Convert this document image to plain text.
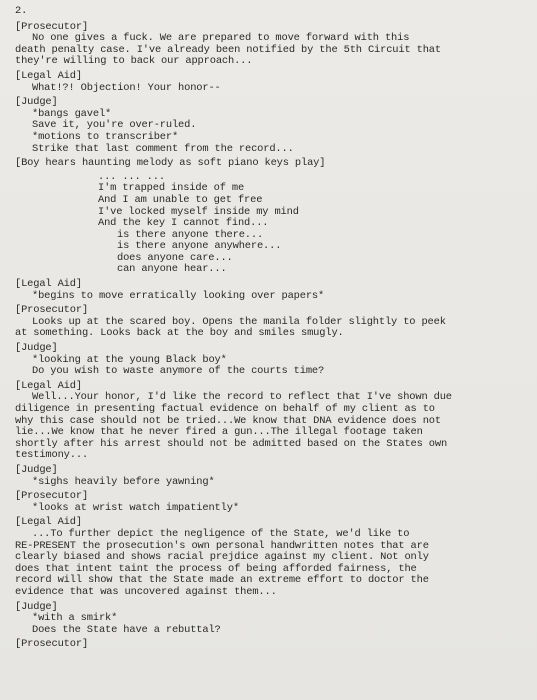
2.
[Prosecutor]
No one gives a fuck. We are prepared to move forward with this
death penalty case. I've already been notified by the 5th Circuit that
they're willing to back our approach...
[Legal Aid]
What!?! Objection! Your honor--
[Judge]
*bangs gavel*
Save it, you're over-ruled.
*motions to transcriber*
Strike that last comment from the record...
[Boy hears haunting melody as soft piano keys play]
... ... ...
I'm trapped inside of me
And I am unable to get free
I've locked myself inside my mind
And the key I cannot find...
is there anyone there...
is there anyone anywhere...
does anyone care...
can anyone hear...
[Legal Aid]
*begins to move erratically looking over papers*
[Prosecutor]
Looks up at the scared boy. Opens the manila folder slightly to peek
at something. Looks back at the boy and smiles smugly.
[Judge]
*looking at the young Black boy*
Do you wish to waste anymore of the courts time?
[Legal Aid]
Well...Your honor, I'd like the record to reflect that I've shown due
diligence in presenting factual evidence on behalf of my client as to
why this case should not be tried...We know that DNA evidence does not
lie...We know that he never fired a gun...The illegal footage taken
shortly after his arrest should not be admitted based on the States own
testimony...
[Judge]
*sighs heavily before yawning*
[Prosecutor]
*looks at wrist watch impatiently*
[Legal Aid]
...To further depict the negligence of the State, we'd like to
RE-PRESENT the prosecution's own personal handwritten notes that are
clearly biased and shows racial prejdice against my client. Not only
does that intent taint the process of being afforded fairness, the
record will show that the State made an extreme effort to doctor the
evidence that was uncovered against them...
[Judge]
*with a smirk*
Does the State have a rebuttal?
[Prosecutor]
